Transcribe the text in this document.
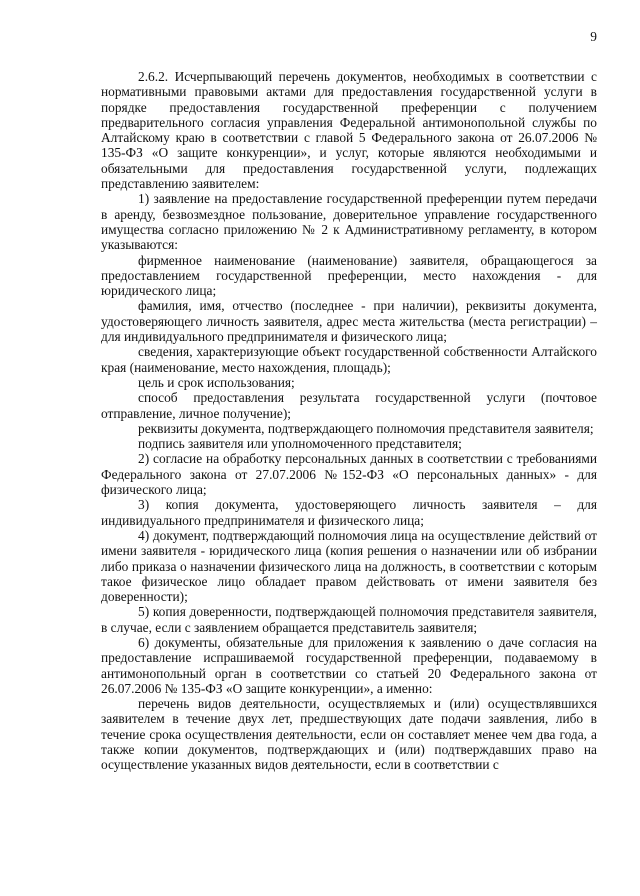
9

2.6.2. Исчерпывающий перечень документов, необходимых в соответствии с нормативными правовыми актами для предоставления государственной услуги в порядке предоставления государственной преференции с получением предварительного согласия управления Федеральной антимонопольной службы по Алтайскому краю в соответствии с главой 5 Федерального закона от 26.07.2006 № 135-ФЗ «О защите конкуренции», и услуг, которые являются необходимыми и обязательными для предоставления государственной услуги, подлежащих представлению заявителем:

1) заявление на предоставление государственной преференции путем передачи в аренду, безвозмездное пользование, доверительное управление государственного имущества согласно приложению № 2 к Административному регламенту, в котором указываются:

фирменное наименование (наименование) заявителя, обращающегося за предоставлением государственной преференции, место нахождения - для юридического лица;

фамилия, имя, отчество (последнее - при наличии), реквизиты документа, удостоверяющего личность заявителя, адрес места жительства (места регистрации) – для индивидуального предпринимателя и физического лица;

сведения, характеризующие объект государственной собственности Алтайского края (наименование, место нахождения, площадь);

цель и срок использования;

способ предоставления результата государственной услуги (почтовое отправление, личное получение);

реквизиты документа, подтверждающего полномочия представителя заявителя;

подпись заявителя или уполномоченного представителя;

2) согласие на обработку персональных данных в соответствии с требованиями Федерального закона от 27.07.2006 №152-ФЗ «О персональных данных» - для физического лица;

3) копия документа, удостоверяющего личность заявителя – для индивидуального предпринимателя и физического лица;

4) документ, подтверждающий полномочия лица на осуществление действий от имени заявителя - юридического лица (копия решения о назначении или об избрании либо приказа о назначении физического лица на должность, в соответствии с которым такое физическое лицо обладает правом действовать от имени заявителя без доверенности);

5) копия доверенности, подтверждающей полномочия представителя заявителя, в случае, если с заявлением обращается представитель заявителя;

6) документы, обязательные для приложения к заявлению о даче согласия на предоставление испрашиваемой государственной преференции, подаваемому в антимонопольный орган в соответствии со статьей 20 Федерального закона от 26.07.2006 № 135-ФЗ «О защите конкуренции», а именно:

перечень видов деятельности, осуществляемых и (или) осуществлявшихся заявителем в течение двух лет, предшествующих дате подачи заявления, либо в течение срока осуществления деятельности, если он составляет менее чем два года, а также копии документов, подтверждающих и (или) подтверждавших право на осуществление указанных видов деятельности, если в соответствии с
